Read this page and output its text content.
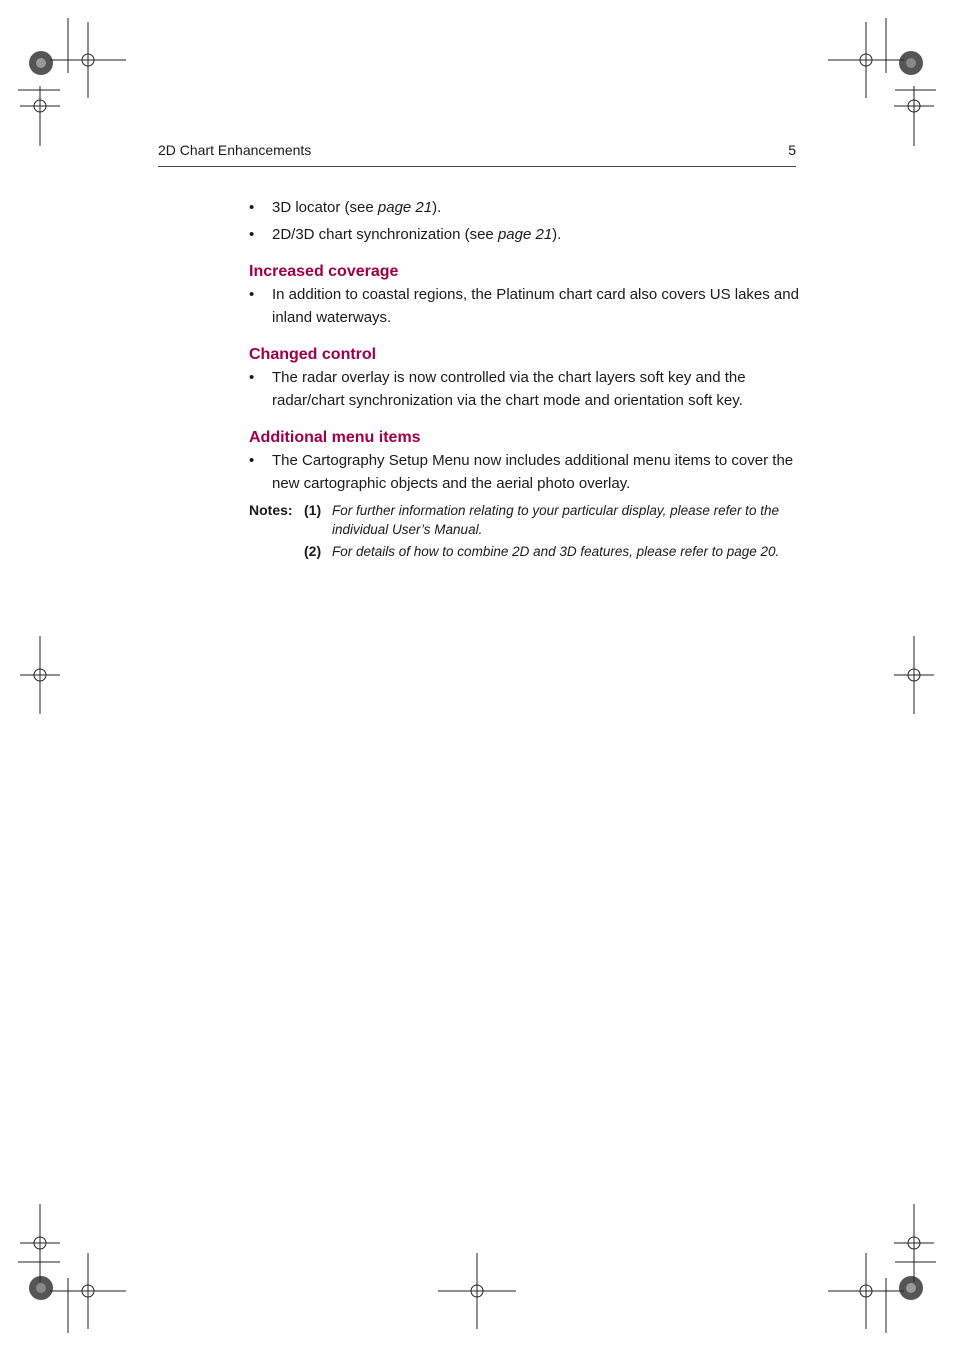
2D Chart Enhancements	5
• 3D locator (see page 21).
• 2D/3D chart synchronization (see page 21).
Increased coverage
• In addition to coastal regions, the Platinum chart card also covers US lakes and inland waterways.
Changed control
• The radar overlay is now controlled via the chart layers soft key and the radar/chart synchronization via the chart mode and orientation soft key.
Additional menu items
• The Cartography Setup Menu now includes additional menu items to cover the new cartographic objects and the aerial photo overlay.
Notes: (1) For further information relating to your particular display, please refer to the individual User’s Manual.
(2) For details of how to combine 2D and 3D features, please refer to page 20.
